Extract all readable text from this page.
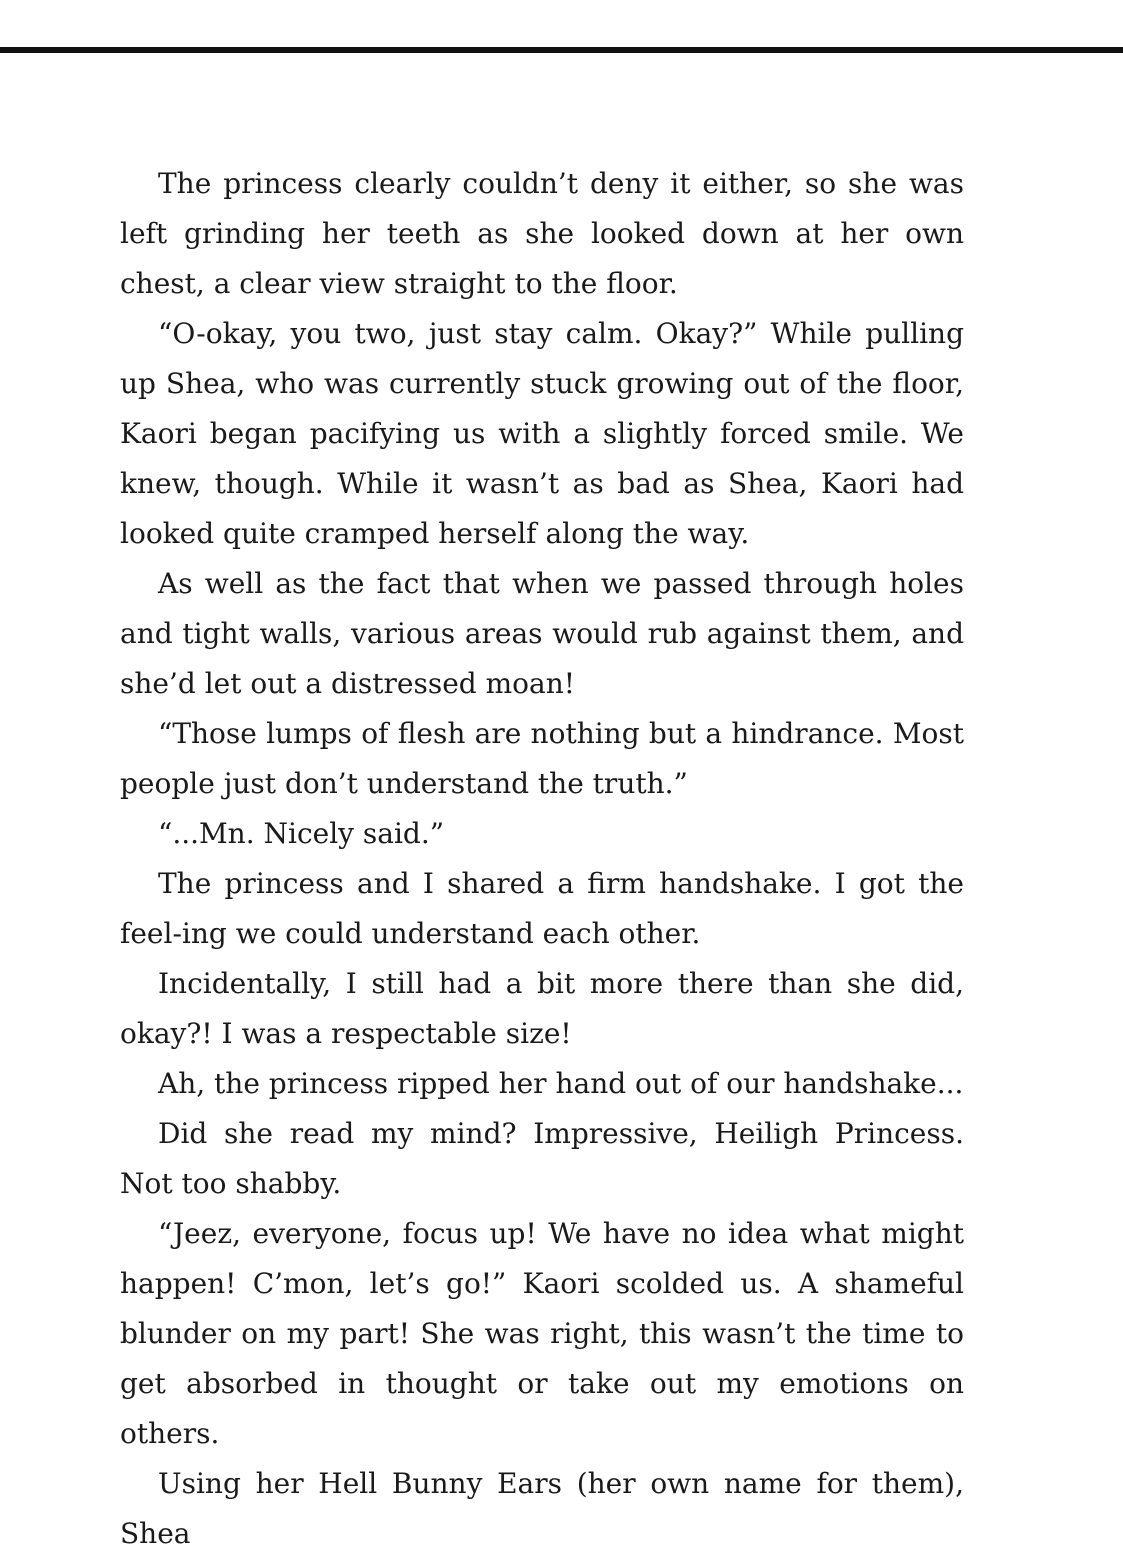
The princess clearly couldn’t deny it either, so she was left grinding her teeth as she looked down at her own chest, a clear view straight to the floor.

“O-okay, you two, just stay calm. Okay?” While pulling up Shea, who was currently stuck growing out of the floor, Kaori began pacifying us with a slightly forced smile. We knew, though. While it wasn’t as bad as Shea, Kaori had looked quite cramped herself along the way.

As well as the fact that when we passed through holes and tight walls, various areas would rub against them, and she’d let out a distressed moan!

“Those lumps of flesh are nothing but a hindrance. Most people just don’t understand the truth.”

“...Mn. Nicely said.”

The princess and I shared a firm handshake. I got the feel-ing we could understand each other.

Incidentally, I still had a bit more there than she did, okay?! I was a respectable size!

Ah, the princess ripped her hand out of our handshake...

Did she read my mind? Impressive, Heiligh Princess. Not too shabby.

“Jeez, everyone, focus up! We have no idea what might happen! C’mon, let’s go!” Kaori scolded us. A shameful blunder on my part! She was right, this wasn’t the time to get absorbed in thought or take out my emotions on others.

Using her Hell Bunny Ears (her own name for them), Shea
